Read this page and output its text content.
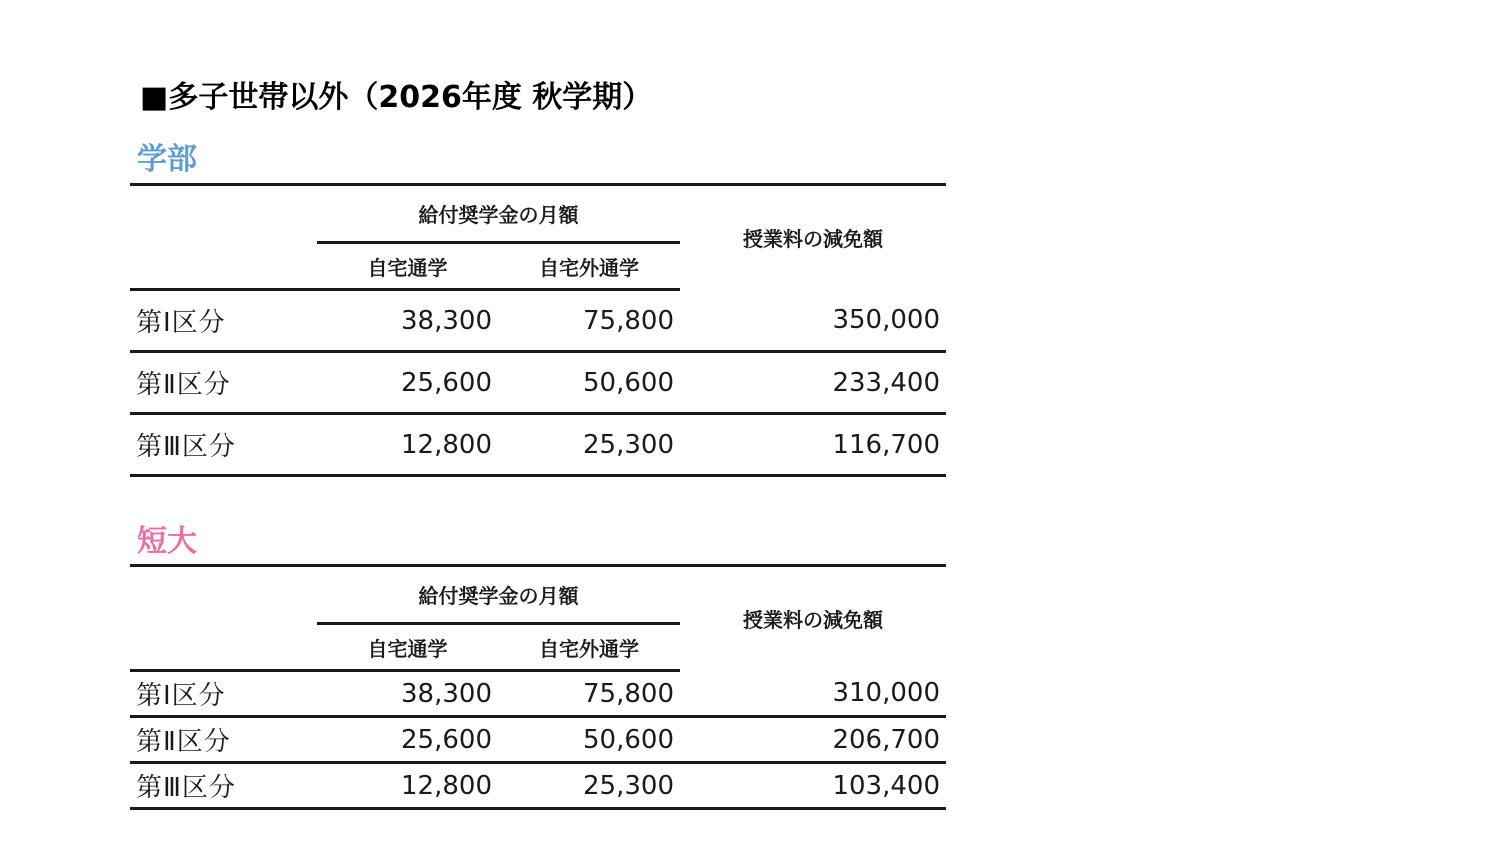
■多子世帯以外（2026年度 秋学期）
学部
	給付奨学金の月額		授業料の減免額
	自宅通学	自宅外通学	
第Ⅰ区分	38,300	75,800	350,000
第Ⅱ区分	25,600	50,600	233,400
第Ⅲ区分	12,800	25,300	116,700
短大
	給付奨学金の月額		授業料の減免額
	自宅通学	自宅外通学	
第Ⅰ区分	38,300	75,800	310,000
第Ⅱ区分	25,600	50,600	206,700
第Ⅲ区分	12,800	25,300	103,400
